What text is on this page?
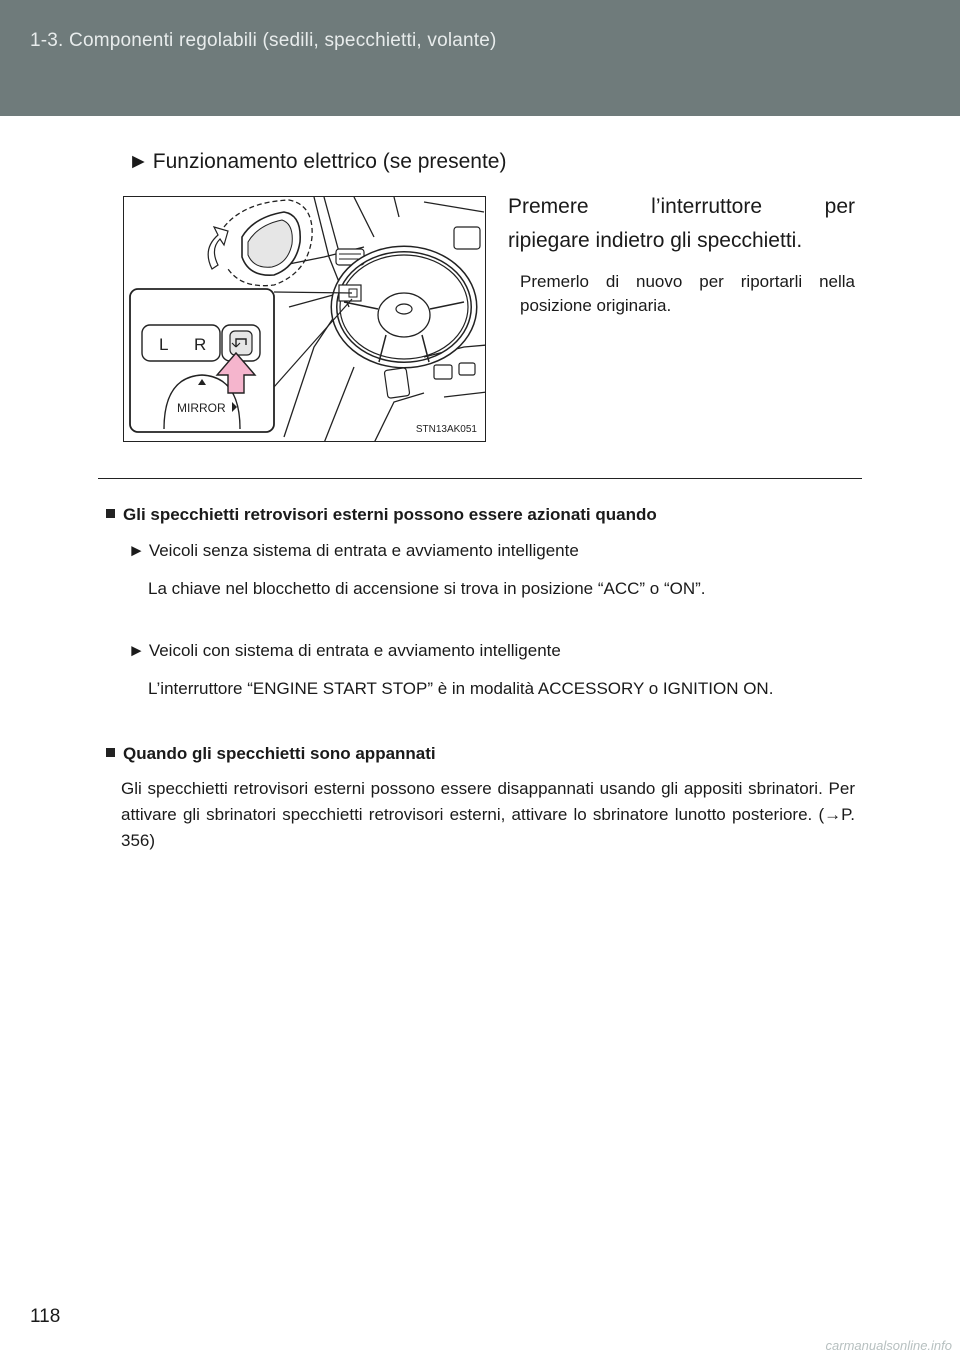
1-3. Componenti regolabili (sedili, specchietti, volante)
► Funzionamento elettrico (se presente)
L R
MIRROR
STN13AK051
Premere l’interruttore per
ripiegare indietro gli specchietti.
Premerlo di nuovo per riportarli nella posizione originaria.
Gli specchietti retrovisori esterni possono essere azionati quando
► Veicoli senza sistema di entrata e avviamento intelligente
La chiave nel blocchetto di accensione si trova in posizione “ACC” o “ON”.
► Veicoli con sistema di entrata e avviamento intelligente
L’interruttore “ENGINE START STOP” è in modalità ACCESSORY o IGNITION ON.
Quando gli specchietti sono appannati
Gli specchietti retrovisori esterni possono essere disappannati usando gli appositi sbrinatori. Per attivare gli sbrinatori specchietti retrovisori esterni, attivare lo sbrinatore lunotto posteriore. (→P. 356)
118
carmanualsonline.info
